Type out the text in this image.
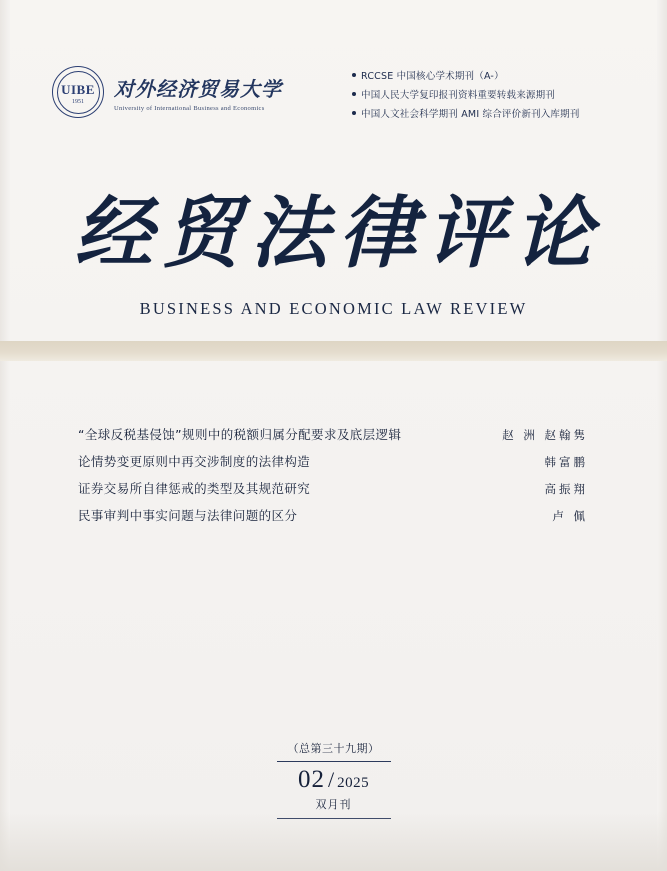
UIBE
1951
对外经济贸易大学
University of International Business and Economics
RCCSE 中国核心学术期刊（A-）
中国人民大学复印报刊资料重要转载来源期刊
中国人文社会科学期刊 AMI 综合评价新刊入库期刊
经贸法律评论
BUSINESS AND ECONOMIC LAW REVIEW
“全球反税基侵蚀”规则中的税额归属分配要求及底层逻辑	赵 洲 赵翰隽
论情势变更原则中再交涉制度的法律构造	韩富鹏
证券交易所自律惩戒的类型及其规范研究	高振翔
民事审判中事实问题与法律问题的区分	卢 佩
（总第三十九期）
02 / 2025
双月刊
